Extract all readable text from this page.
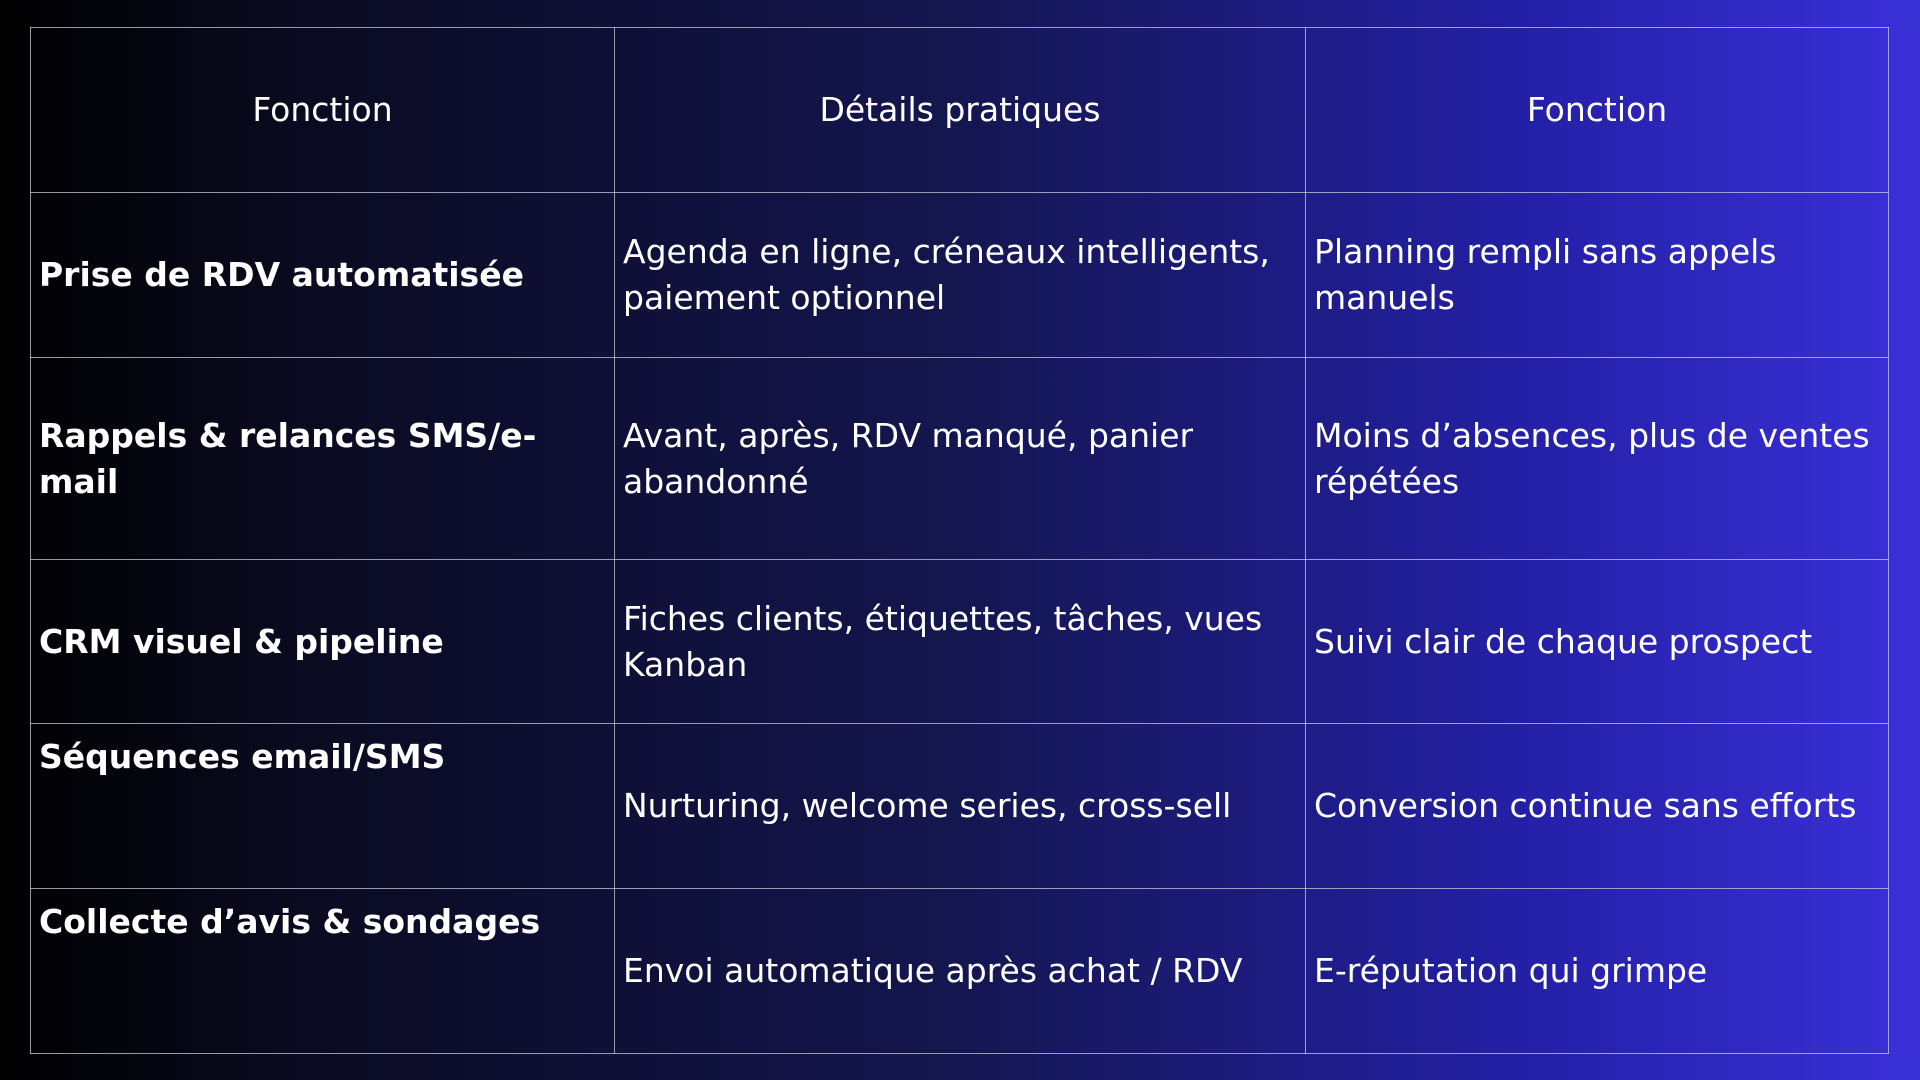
Fonction	Détails pratiques	Fonction
Prise de RDV automatisée	Agenda en ligne, créneaux intelligents, paiement optionnel	Planning rempli sans appels manuels
Rappels & relances SMS/e-mail	Avant, après, RDV manqué, panier abandonné	Moins d’absences, plus de ventes répétées
CRM visuel & pipeline	Fiches clients, étiquettes, tâches, vues Kanban	Suivi clair de chaque prospect
Séquences email/SMS	Nurturing, welcome series, cross-sell	Conversion continue sans efforts
Collecte d’avis & sondages	Envoi automatique après achat / RDV	E-réputation qui grimpe
